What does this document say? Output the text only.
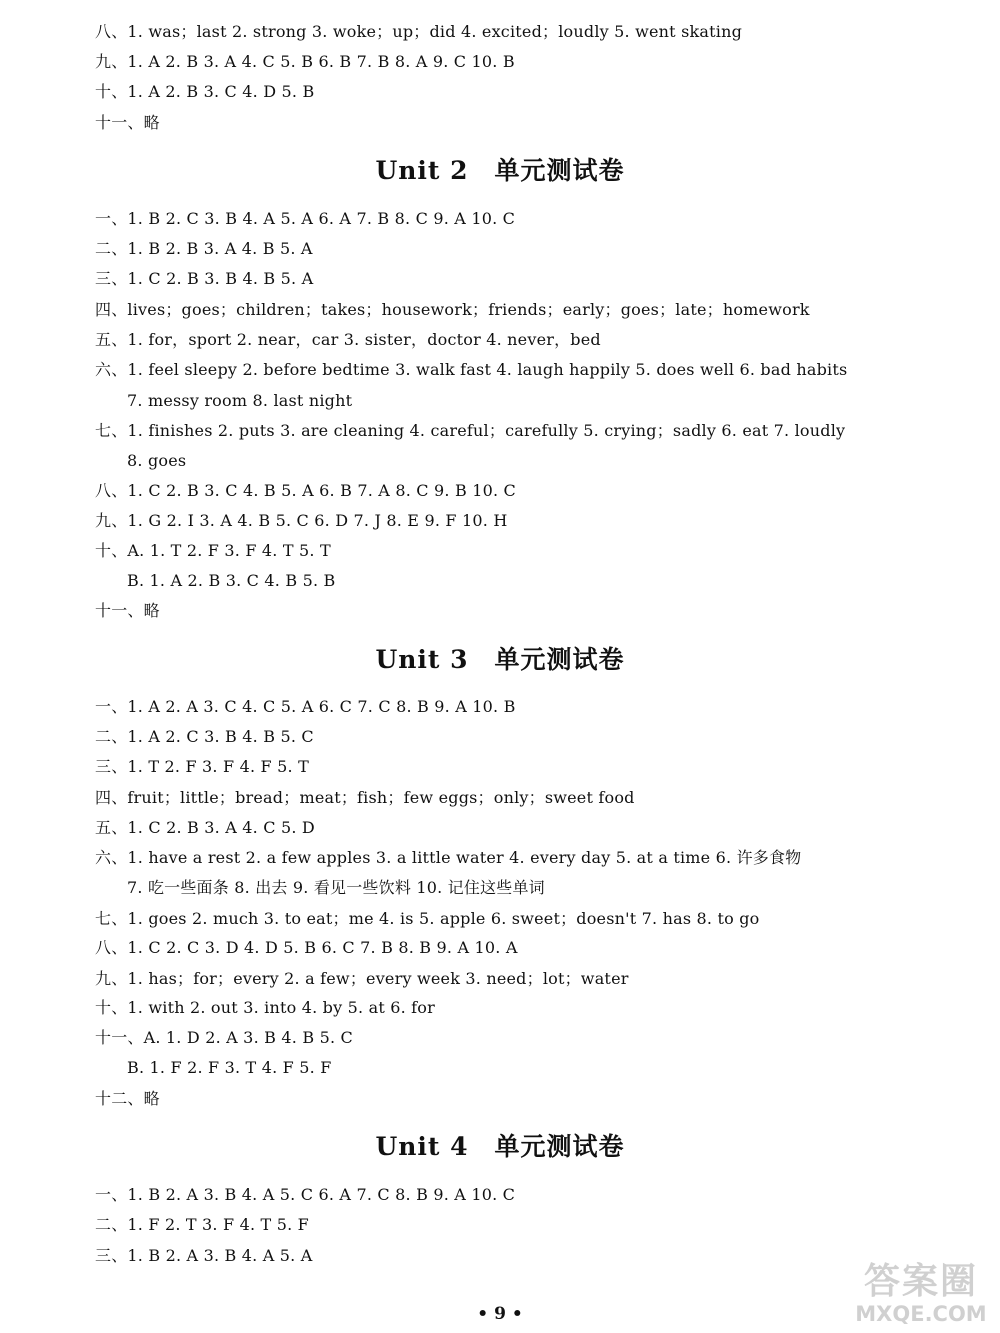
八、1. was；last 2. strong 3. woke；up；did 4. excited；loudly 5. went skating
九、1. A 2. B 3. A 4. C 5. B 6. B 7. B 8. A 9. C 10. B
十、1. A 2. B 3. C 4. D 5. B
十一、略
Unit 2　单元测试卷
一、1. B 2. C 3. B 4. A 5. A 6. A 7. B 8. C 9. A 10. C
二、1. B 2. B 3. A 4. B 5. A
三、1. C 2. B 3. B 4. B 5. A
四、lives；goes；children；takes；housework；friends；early；goes；late；homework
五、1. for，sport 2. near，car 3. sister，doctor 4. never，bed
六、1. feel sleepy 2. before bedtime 3. walk fast 4. laugh happily 5. does well 6. bad habits
7. messy room 8. last night
七、1. finishes 2. puts 3. are cleaning 4. careful；carefully 5. crying；sadly 6. eat 7. loudly
8. goes
八、1. C 2. B 3. C 4. B 5. A 6. B 7. A 8. C 9. B 10. C
九、1. G 2. I 3. A 4. B 5. C 6. D 7. J 8. E 9. F 10. H
十、A. 1. T 2. F 3. F 4. T 5. T
B. 1. A 2. B 3. C 4. B 5. B
十一、略
Unit 3　单元测试卷
一、1. A 2. A 3. C 4. C 5. A 6. C 7. C 8. B 9. A 10. B
二、1. A 2. C 3. B 4. B 5. C
三、1. T 2. F 3. F 4. F 5. T
四、fruit；little；bread；meat；fish；few eggs；only；sweet food
五、1. C 2. B 3. A 4. C 5. D
六、1. have a rest 2. a few apples 3. a little water 4. every day 5. at a time 6. 许多食物
7. 吃一些面条 8. 出去 9. 看见一些饮料 10. 记住这些单词
七、1. goes 2. much 3. to eat；me 4. is 5. apple 6. sweet；doesn't 7. has 8. to go
八、1. C 2. C 3. D 4. D 5. B 6. C 7. B 8. B 9. A 10. A
九、1. has；for；every 2. a few；every week 3. need；lot；water
十、1. with 2. out 3. into 4. by 5. at 6. for
十一、A. 1. D 2. A 3. B 4. B 5. C
B. 1. F 2. F 3. T 4. F 5. F
十二、略
Unit 4　单元测试卷
一、1. B 2. A 3. B 4. A 5. C 6. A 7. C 8. B 9. A 10. C
二、1. F 2. T 3. F 4. T 5. F
三、1. B 2. A 3. B 4. A 5. A
• 9 •
答案圈
MXQE.COM
